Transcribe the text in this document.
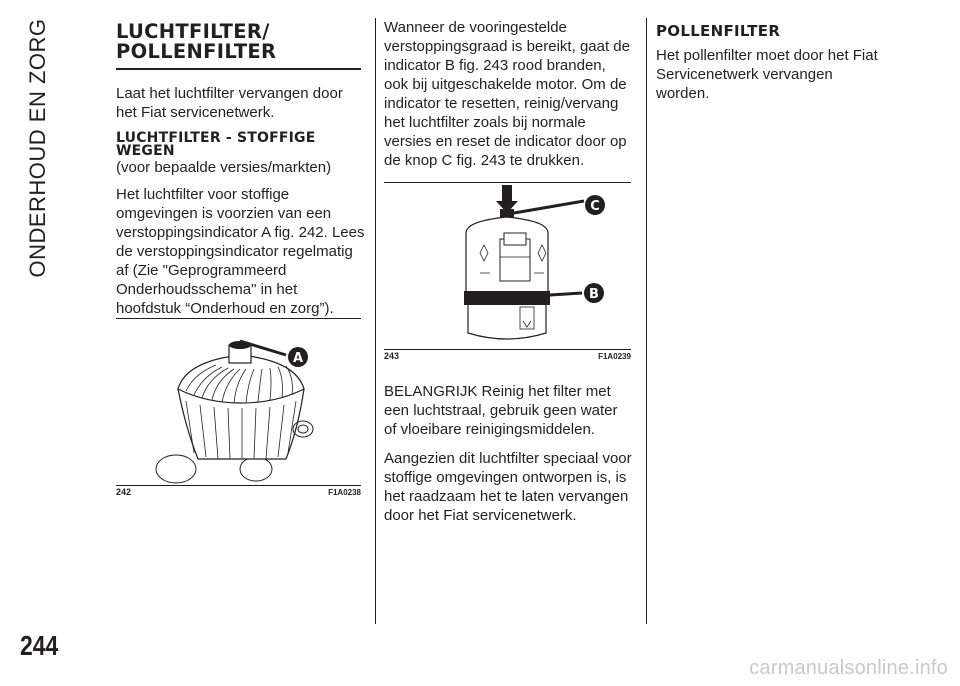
ONDERHOUD EN ZORG
244
LUCHTFILTER/
POLLENFILTER

Laat het luchtfilter vervangen door het Fiat servicenetwerk.

LUCHTFILTER - STOFFIGE WEGEN

(voor bepaalde versies/markten)

Het luchtfilter voor stoffige omgevingen is voorzien van een verstoppingsindicator A fig. 242. Lees de verstoppingsindicator regelmatig af (Zie "Geprogrammeerd Onderhoudsschema" in het hoofdstuk “Onderhoud en zorg”).

A
242	F1A0238

Wanneer de vooringestelde verstoppingsgraad is bereikt, gaat de indicator B fig. 243 rood branden, ook bij uitgeschakelde motor. Om de indicator te resetten, reinig/vervang het luchtfilter zoals bij normale versies en reset de indicator door op de knop C fig. 243 te drukken.

C
B
243	F1A0239

BELANGRIJK Reinig het filter met een luchtstraal, gebruik geen water of vloeibare reinigingsmiddelen.

Aangezien dit luchtfilter speciaal voor stoffige omgevingen ontworpen is, is het raadzaam het te laten vervangen door het Fiat servicenetwerk.

POLLENFILTER

Het pollenfilter moet door het Fiat Servicenetwerk vervangen worden.

carmanualsonline.info
